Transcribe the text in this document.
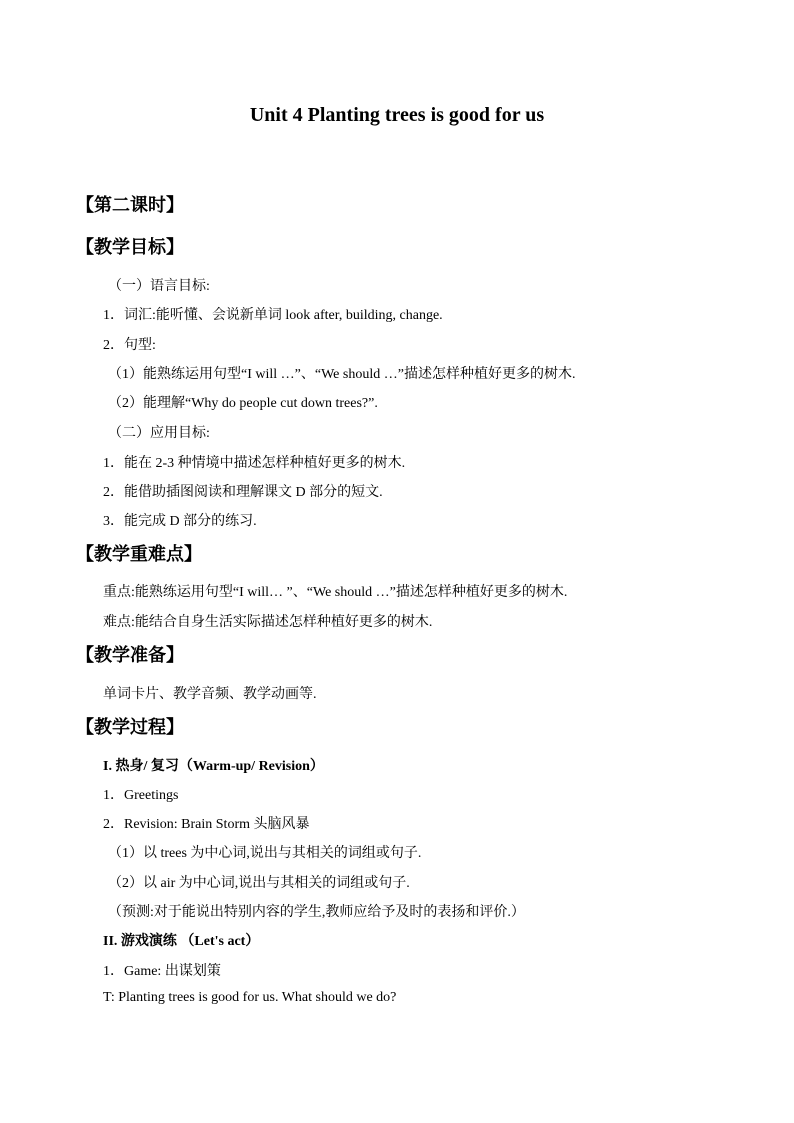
Unit 4 Planting trees is good for us
【第二课时】
【教学目标】
（一）语言目标:
1．词汇:能听懂、会说新单词 look after, building, change.
2．句型:
（1）能熟练运用句型“I will …”、“We should …”描述怎样种植好更多的树木.
（2）能理解“Why do people cut down trees?”.
（二）应用目标:
1．能在 2-3 种情境中描述怎样种植好更多的树木.
2．能借助插图阅读和理解课文 D 部分的短文.
3．能完成 D 部分的练习.
【教学重难点】
重点:能熟练运用句型“I will… ”、“We should …”描述怎样种植好更多的树木.
难点:能结合自身生活实际描述怎样种植好更多的树木.
【教学准备】
单词卡片、教学音频、教学动画等.
【教学过程】
I. 热身/ 复习（Warm-up/ Revision）
1．Greetings
2．Revision: Brain Storm 头脑风暴
（1）以 trees 为中心词,说出与其相关的词组或句子.
（2）以 air 为中心词,说出与其相关的词组或句子.
（预测:对于能说出特别内容的学生,教师应给予及时的表扬和评价.）
II. 游戏演练 （Let's act）
1．Game: 出谋划策
T: Planting trees is good for us. What should we do?
